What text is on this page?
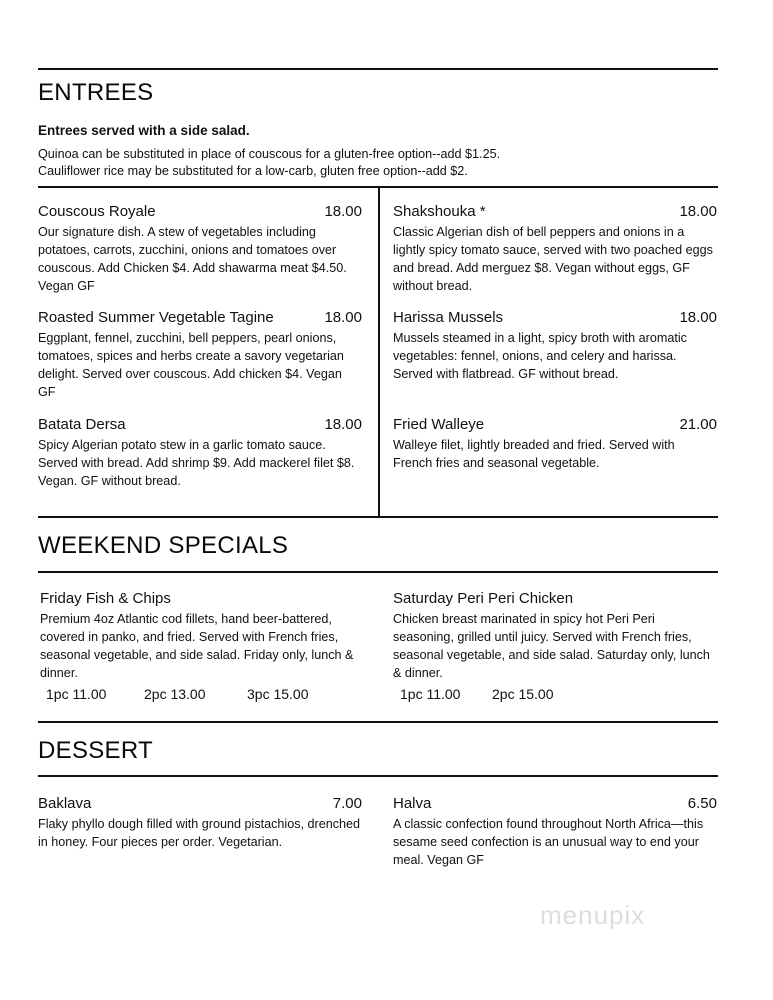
ENTREES
Entrees served with a side salad.
Quinoa can be substituted in place of couscous for a gluten-free option--add $1.25.
Cauliflower rice may be substituted for a low-carb, gluten free option--add $2.
Couscous Royale	18.00
Our signature dish. A stew of vegetables including potatoes, carrots, zucchini, onions and tomatoes over couscous. Add Chicken $4. Add shawarma meat $4.50. Vegan GF
Roasted Summer Vegetable Tagine	18.00
Eggplant, fennel, zucchini, bell peppers, pearl onions, tomatoes, spices and herbs create a savory vegetarian delight. Served over couscous. Add chicken $4. Vegan GF
Batata Dersa	18.00
Spicy Algerian potato stew in a garlic tomato sauce. Served with bread. Add shrimp $9. Add mackerel filet $8. Vegan. GF without bread.
Shakshouka *	18.00
Classic Algerian dish of bell peppers and onions in a lightly spicy tomato sauce, served with two poached eggs and bread. Add merguez $8. Vegan without eggs, GF without bread.
Harissa Mussels	18.00
Mussels steamed in a light, spicy broth with aromatic vegetables: fennel, onions, and celery and harissa. Served with flatbread. GF without bread.
Fried Walleye	21.00
Walleye filet, lightly breaded and fried. Served with French fries and seasonal vegetable.
WEEKEND SPECIALS
Friday Fish & Chips
Premium 4oz Atlantic cod fillets, hand beer-battered, covered in panko, and fried. Served with French fries, seasonal vegetable, and side salad. Friday only, lunch & dinner.
1pc 11.00	2pc 13.00	3pc 15.00
Saturday Peri Peri Chicken
Chicken breast marinated in spicy hot Peri Peri seasoning, grilled until juicy. Served with French fries, seasonal vegetable, and side salad. Saturday only, lunch & dinner.
1pc 11.00	2pc 15.00
DESSERT
Baklava	7.00
Flaky phyllo dough filled with ground pistachios, drenched in honey. Four pieces per order. Vegetarian.
Halva	6.50
A classic confection found throughout North Africa—this sesame seed confection is an unusual way to end your meal. Vegan GF
menupix
